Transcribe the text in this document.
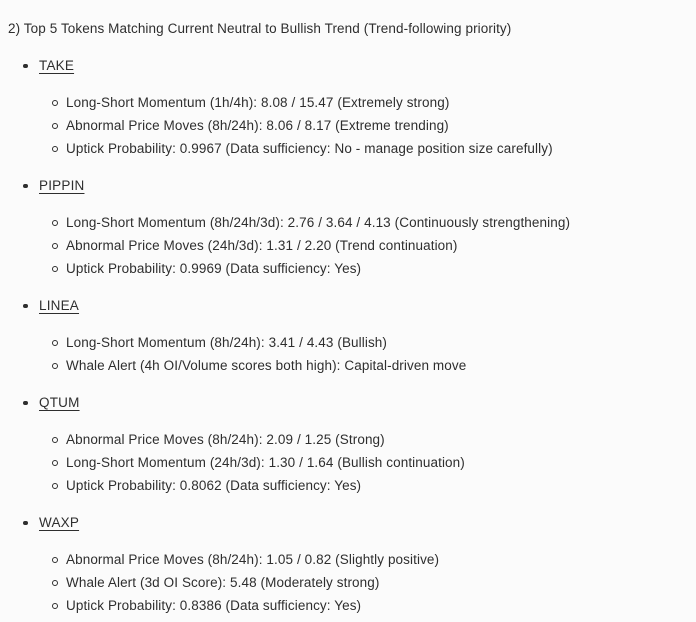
2) Top 5 Tokens Matching Current Neutral to Bullish Trend (Trend-following priority)
TAKE
Long-Short Momentum (1h/4h): 8.08 / 15.47 (Extremely strong)
Abnormal Price Moves (8h/24h): 8.06 / 8.17 (Extreme trending)
Uptick Probability: 0.9967 (Data sufficiency: No - manage position size carefully)
PIPPIN
Long-Short Momentum (8h/24h/3d): 2.76 / 3.64 / 4.13 (Continuously strengthening)
Abnormal Price Moves (24h/3d): 1.31 / 2.20 (Trend continuation)
Uptick Probability: 0.9969 (Data sufficiency: Yes)
LINEA
Long-Short Momentum (8h/24h): 3.41 / 4.43 (Bullish)
Whale Alert (4h OI/Volume scores both high): Capital-driven move
QTUM
Abnormal Price Moves (8h/24h): 2.09 / 1.25 (Strong)
Long-Short Momentum (24h/3d): 1.30 / 1.64 (Bullish continuation)
Uptick Probability: 0.8062 (Data sufficiency: Yes)
WAXP
Abnormal Price Moves (8h/24h): 1.05 / 0.82 (Slightly positive)
Whale Alert (3d OI Score): 5.48 (Moderately strong)
Uptick Probability: 0.8386 (Data sufficiency: Yes)
